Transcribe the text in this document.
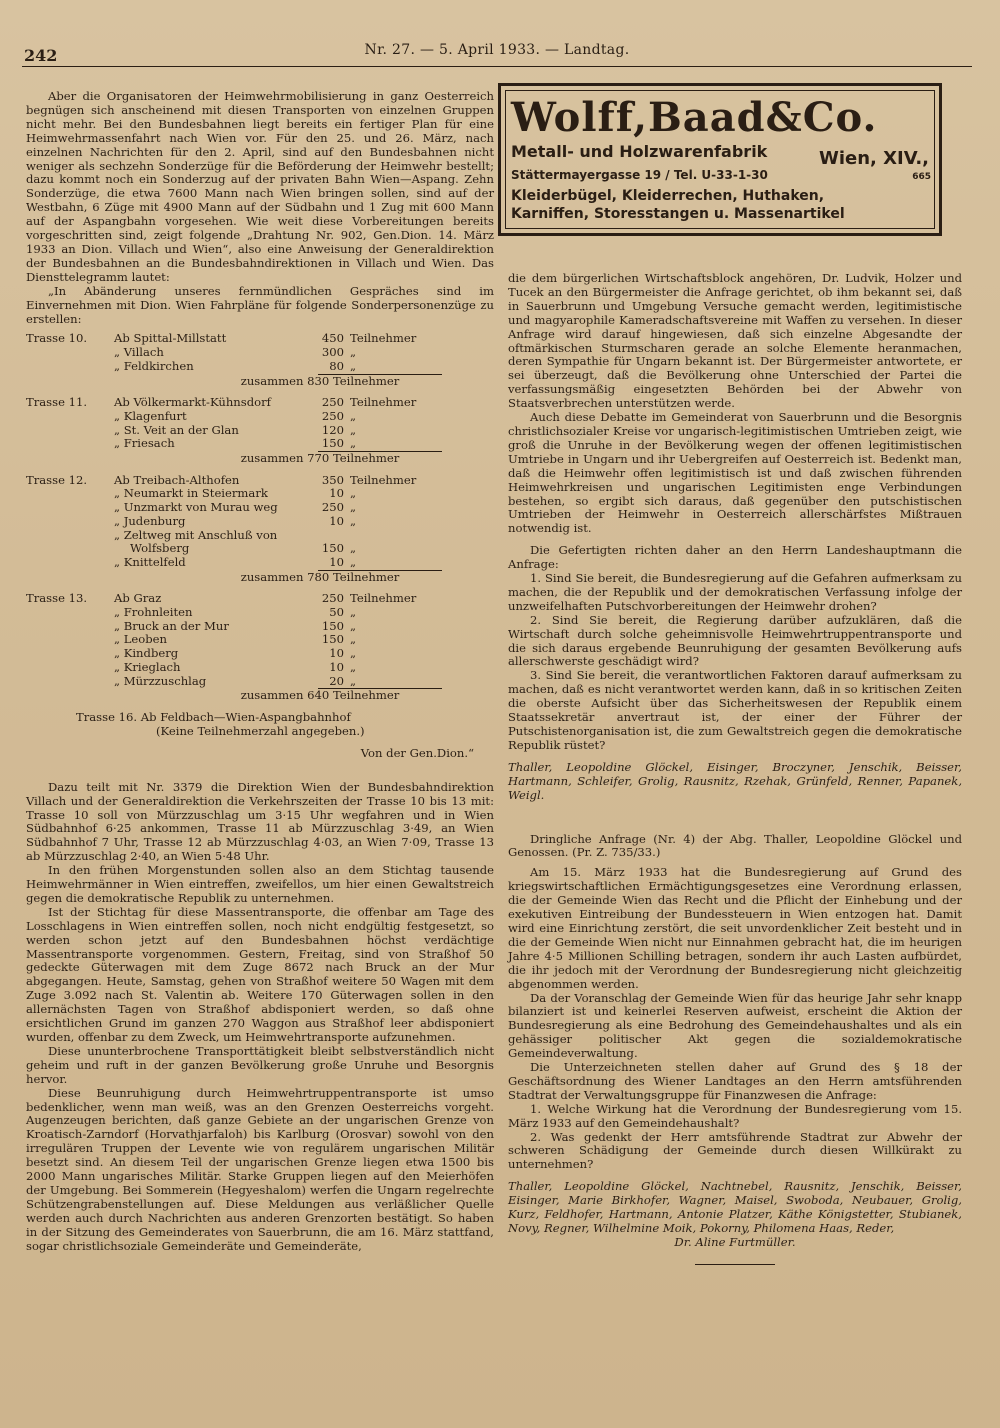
242	Nr. 27. — 5. April 1933. — Landtag.
Wolff,Baad&Co.
Metall- und Holzwarenfabrik	Wien, XIV.,
Stättermayergasse 19 / Tel. U-33-1-30	665
Kleiderbügel, Kleiderrechen, Huthaken,
Karniffen, Storesstangen u. Massenartikel

Aber die Organisatoren der Heimwehrmobilisierung in ganz Oesterreich begnügen sich anscheinend mit diesen Transporten von einzelnen Gruppen nicht mehr. Bei den Bundesbahnen liegt bereits ein fertiger Plan für eine Heimwehrmassenfahrt nach Wien vor. Für den 25. und 26. März, nach einzelnen Nachrichten für den 2. April, sind auf den Bundesbahnen nicht weniger als sechzehn Sonderzüge für die Beförderung der Heimwehr bestellt; dazu kommt noch ein Sonderzug auf der privaten Bahn Wien—Aspang. Zehn Sonderzüge, die etwa 7600 Mann nach Wien bringen sollen, sind auf der Westbahn, 6 Züge mit 4900 Mann auf der Südbahn und 1 Zug mit 600 Mann auf der Aspangbahn vorgesehen. Wie weit diese Vorbereitungen bereits vorgeschritten sind, zeigt folgende „Drahtung Nr. 902, Gen.Dion. 14. März 1933 an Dion. Villach und Wien“, also eine Anweisung der Generaldirektion der Bundesbahnen an die Bundesbahndirektionen in Villach und Wien. Das Diensttelegramm lautet:

„In Abänderung unseres fernmündlichen Gespräches sind im Einvernehmen mit Dion. Wien Fahrpläne für folgende Sonderpersonenzüge zu erstellen:

Trasse 10.	Ab Spittal-Millstatt	450 Teilnehmer
„ Villach	300 „
„ Feldkirchen	80 „
zusammen 830 Teilnehmer
Trasse 11.	Ab Völkermarkt-Kühnsdorf	250 Teilnehmer
„ Klagenfurt	250 „
„ St. Veit an der Glan	120 „
„ Friesach	150 „
zusammen 770 Teilnehmer
Trasse 12.	Ab Treibach-Althofen	350 Teilnehmer
„ Neumarkt in Steiermark	10 „
„ Unzmarkt von Murau weg	250 „
„ Judenburg	10 „
„ Zeltweg mit Anschluß von
Wolfsberg	150 „
„ Knittelfeld	10 „
zusammen 780 Teilnehmer
Trasse 13.	Ab Graz	250 Teilnehmer
„ Frohnleiten	50 „
„ Bruck an der Mur	150 „
„ Leoben	150 „
„ Kindberg	10 „
„ Krieglach	10 „
„ Mürzzuschlag	20 „
zusammen 640 Teilnehmer
Trasse 16. Ab Feldbach—Wien-Aspangbahnhof
(Keine Teilnehmerzahl angegeben.)
Von der Gen.Dion.“

Dazu teilt mit Nr. 3379 die Direktion Wien der Bundesbahndirektion Villach und der Generaldirektion die Verkehrszeiten der Trasse 10 bis 13 mit: Trasse 10 soll von Mürzzuschlag um 3·15 Uhr wegfahren und in Wien Südbahnhof 6·25 ankommen, Trasse 11 ab Mürzzuschlag 3·49, an Wien Südbahnhof 7 Uhr, Trasse 12 ab Mürzzuschlag 4·03, an Wien 7·09, Trasse 13 ab Mürzzuschlag 2·40, an Wien 5·48 Uhr.

In den frühen Morgenstunden sollen also an dem Stichtag tausende Heimwehrmänner in Wien eintreffen, zweifellos, um hier einen Gewaltstreich gegen die demokratische Republik zu unternehmen.

Ist der Stichtag für diese Massentransporte, die offenbar am Tage des Losschlagens in Wien eintreffen sollen, noch nicht endgültig festgesetzt, so werden schon jetzt auf den Bundesbahnen höchst verdächtige Massentransporte vorgenommen. Gestern, Freitag, sind von Straßhof 50 gedeckte Güterwagen mit dem Zuge 8672 nach Bruck an der Mur abgegangen. Heute, Samstag, gehen von Straßhof weitere 50 Wagen mit dem Zuge 3.092 nach St. Valentin ab. Weitere 170 Güterwagen sollen in den allernächsten Tagen von Straßhof abdisponiert werden, so daß ohne ersichtlichen Grund im ganzen 270 Waggon aus Straßhof leer abdisponiert wurden, offenbar zu dem Zweck, um Heimwehrtransporte aufzunehmen.

Diese ununterbrochene Transporttätigkeit bleibt selbstverständlich nicht geheim und ruft in der ganzen Bevölkerung große Unruhe und Besorgnis hervor.

Diese Beunruhigung durch Heimwehrtruppentransporte ist umso bedenklicher, wenn man weiß, was an den Grenzen Oesterreichs vorgeht. Augenzeugen berichten, daß ganze Gebiete an der ungarischen Grenze von Kroatisch-Zarndorf (Horvathjarfaloh) bis Karlburg (Orosvar) sowohl von den irregulären Truppen der Levente wie von regulärem ungarischen Militär besetzt sind. An diesem Teil der ungarischen Grenze liegen etwa 1500 bis 2000 Mann ungarisches Militär. Starke Gruppen liegen auf den Meierhöfen der Umgebung. Bei Sommerein (Hegyeshalom) werfen die Ungarn regelrechte Schützengrabenstellungen auf. Diese Meldungen aus verläßlicher Quelle werden auch durch Nachrichten aus anderen Grenzorten bestätigt. So haben in der Sitzung des Gemeinderates von Sauerbrunn, die am 16. März stattfand, sogar christlichsoziale Gemeinderäte und Gemeinderäte,

die dem bürgerlichen Wirtschaftsblock angehören, Dr. Ludvik, Holzer und Tucek an den Bürgermeister die Anfrage gerichtet, ob ihm bekannt sei, daß in Sauerbrunn und Umgebung Versuche gemacht werden, legitimistische und magyarophile Kameradschaftsvereine mit Waffen zu versehen. In dieser Anfrage wird darauf hingewiesen, daß sich einzelne Abgesandte der oftmärkischen Sturmscharen gerade an solche Elemente heranmachen, deren Sympathie für Ungarn bekannt ist. Der Bürgermeister antwortete, er sei überzeugt, daß die Bevölkerung ohne Unterschied der Partei die verfassungsmäßig eingesetzten Behörden bei der Abwehr von Staatsverbrechen unterstützen werde.

Auch diese Debatte im Gemeinderat von Sauerbrunn und die Besorgnis christlichsozialer Kreise vor ungarisch-legitimistischen Umtrieben zeigt, wie groß die Unruhe in der Bevölkerung wegen der offenen legitimistischen Umtriebe in Ungarn und ihr Uebergreifen auf Oesterreich ist. Bedenkt man, daß die Heimwehr offen legitimistisch ist und daß zwischen führenden Heimwehrkreisen und ungarischen Legitimisten enge Verbindungen bestehen, so ergibt sich daraus, daß gegenüber den putschistischen Umtrieben der Heimwehr in Oesterreich allerschärfstes Mißtrauen notwendig ist.

Die Gefertigten richten daher an den Herrn Landeshauptmann die Anfrage:

1. Sind Sie bereit, die Bundesregierung auf die Gefahren aufmerksam zu machen, die der Republik und der demokratischen Verfassung infolge der unzweifelhaften Putschvorbereitungen der Heimwehr drohen?

2. Sind Sie bereit, die Regierung darüber aufzuklären, daß die Wirtschaft durch solche geheimnisvolle Heimwehrtruppentransporte und die sich daraus ergebende Beunruhigung der gesamten Bevölkerung aufs allerschwerste geschädigt wird?

3. Sind Sie bereit, die verantwortlichen Faktoren darauf aufmerksam zu machen, daß es nicht verantwortet werden kann, daß in so kritischen Zeiten die oberste Aufsicht über das Sicherheitswesen der Republik einem Staatssekretär anvertraut ist, der einer der Führer der Putschistenorganisation ist, die zum Gewaltstreich gegen die demokratische Republik rüstet?

Thaller, Leopoldine Glöckel, Eisinger, Broczyner, Jenschik, Beisser, Hartmann, Schleifer, Grolig, Rausnitz, Rzehak, Grünfeld, Renner, Papanek, Weigl.

Dringliche Anfrage (Nr. 4) der Abg. Thaller, Leopoldine Glöckel und Genossen. (Pr. Z. 735/33.)

Am 15. März 1933 hat die Bundesregierung auf Grund des kriegswirtschaftlichen Ermächtigungsgesetzes eine Verordnung erlassen, die der Gemeinde Wien das Recht und die Pflicht der Einhebung und der exekutiven Eintreibung der Bundessteuern in Wien entzogen hat. Damit wird eine Einrichtung zerstört, die seit unvordenklicher Zeit besteht und in die der Gemeinde Wien nicht nur Einnahmen gebracht hat, die im heurigen Jahre 4·5 Millionen Schilling betragen, sondern ihr auch Lasten aufbürdet, die ihr jedoch mit der Verordnung der Bundesregierung nicht gleichzeitig abgenommen werden.

Da der Voranschlag der Gemeinde Wien für das heurige Jahr sehr knapp bilanziert ist und keinerlei Reserven aufweist, erscheint die Aktion der Bundesregierung als eine Bedrohung des Gemeindehaushaltes und als ein gehässiger politischer Akt gegen die sozialdemokratische Gemeindeverwaltung.

Die Unterzeichneten stellen daher auf Grund des § 18 der Geschäftsordnung des Wiener Landtages an den Herrn amtsführenden Stadtrat der Verwaltungsgruppe für Finanzwesen die Anfrage:

1. Welche Wirkung hat die Verordnung der Bundesregierung vom 15. März 1933 auf den Gemeindehaushalt?

2. Was gedenkt der Herr amtsführende Stadtrat zur Abwehr der schweren Schädigung der Gemeinde durch diesen Willkürakt zu unternehmen?

Thaller, Leopoldine Glöckel, Nachtnebel, Rausnitz, Jenschik, Beisser, Eisinger, Marie Birkhofer, Wagner, Maisel, Swoboda, Neubauer, Grolig, Kurz, Feldhofer, Hartmann, Antonie Platzer, Käthe Königstetter, Stubianek, Novy, Regner, Wilhelmine Moik, Pokorny, Philomena Haas, Reder,

Dr. Aline Furtmüller.
